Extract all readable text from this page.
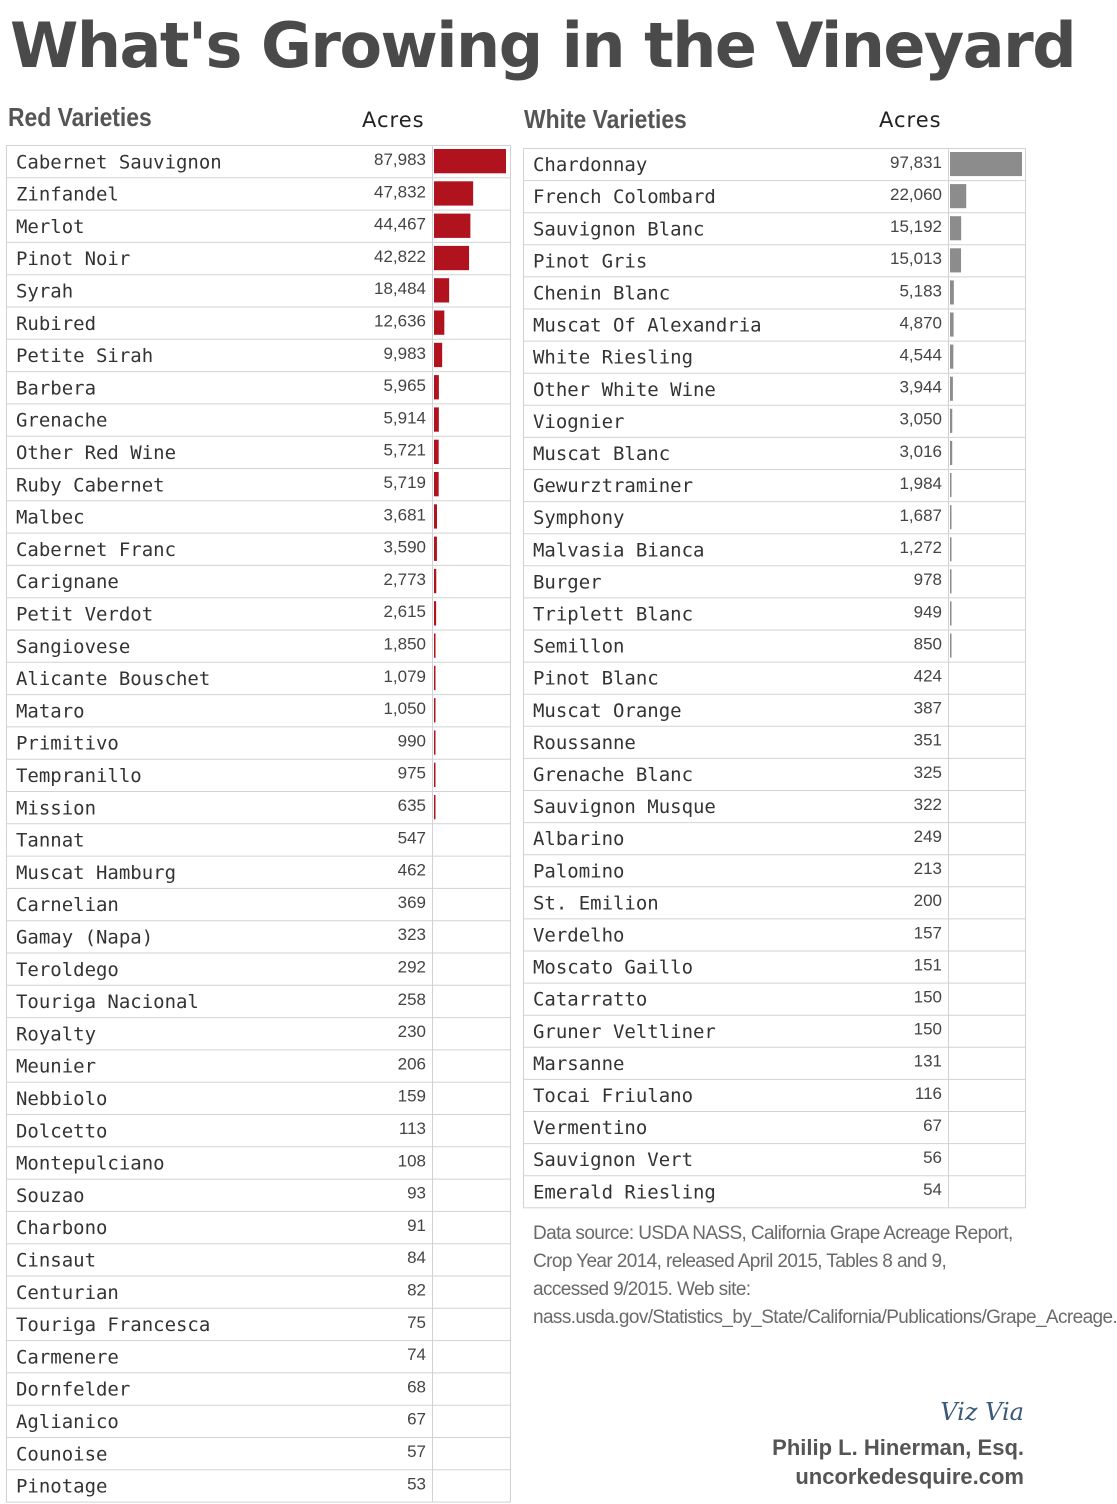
What's Growing in the Vineyard
Red Varieties	Acres	White Varieties	Acres
Cabernet Sauvignon	87,983
Zinfandel	47,832
Merlot	44,467
Pinot Noir	42,822
Syrah	18,484
Rubired	12,636
Petite Sirah	9,983
Barbera	5,965
Grenache	5,914
Other Red Wine	5,721
Ruby Cabernet	5,719
Malbec	3,681
Cabernet Franc	3,590
Carignane	2,773
Petit Verdot	2,615
Sangiovese	1,850
Alicante Bouschet	1,079
Mataro	1,050
Primitivo	990
Tempranillo	975
Mission	635
Tannat	547
Muscat Hamburg	462
Carnelian	369
Gamay (Napa)	323
Teroldego	292
Touriga Nacional	258
Royalty	230
Meunier	206
Nebbiolo	159
Dolcetto	113
Montepulciano	108
Souzao	93
Charbono	91
Cinsaut	84
Centurian	82
Touriga Francesca	75
Carmenere	74
Dornfelder	68
Aglianico	67
Counoise	57
Pinotage	53
Chardonnay	97,831
French Colombard	22,060
Sauvignon Blanc	15,192
Pinot Gris	15,013
Chenin Blanc	5,183
Muscat Of Alexandria	4,870
White Riesling	4,544
Other White Wine	3,944
Viognier	3,050
Muscat Blanc	3,016
Gewurztraminer	1,984
Symphony	1,687
Malvasia Bianca	1,272
Burger	978
Triplett Blanc	949
Semillon	850
Pinot Blanc	424
Muscat Orange	387
Roussanne	351
Grenache Blanc	325
Sauvignon Musque	322
Albarino	249
Palomino	213
St. Emilion	200
Verdelho	157
Moscato Gaillo	151
Catarratto	150
Gruner Veltliner	150
Marsanne	131
Tocai Friulano	116
Vermentino	67
Sauvignon Vert	56
Emerald Riesling	54
Data source: USDA NASS, California Grape Acreage Report, Crop Year 2014, released April 2015, Tables 8 and 9, accessed 9/2015. Web site: nass.usda.gov/Statistics_by_State/California/Publications/Grape_Acreage.
Viz Via
Philip L. Hinerman, Esq.
uncorkedesquire.com
